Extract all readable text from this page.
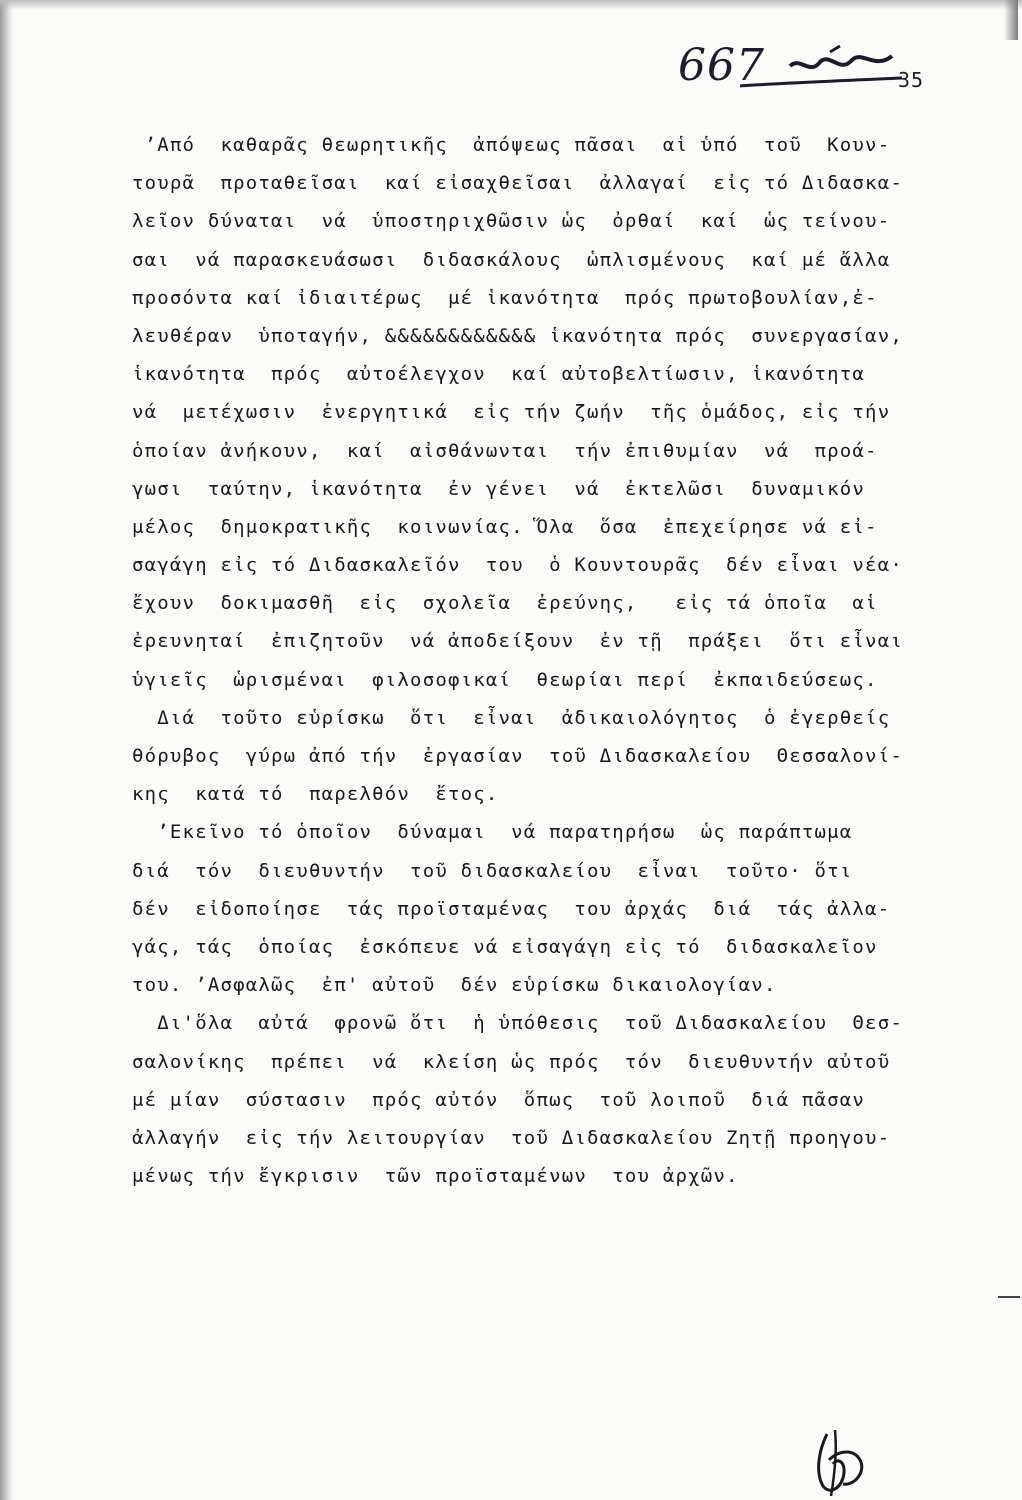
667	35
ʼΑπό  καθαρᾶς θεωρητικῆς  ἀπόψεως πᾶσαι  αἱ ὑπό  τοῦ  Κουν-
τουρᾶ  προταθεῖσαι  καί εἰσαχθεῖσαι  ἀλλαγαί  εἰς τό Διδασκα-
λεῖον δύναται  νά  ὑποστηριχθῶσιν ὡς  ὀρθαί  καί  ὡς τείνου-
σαι  νά παρασκευάσωσι  διδασκάλους  ὡπλισμένους  καί μέ ἄλλα
προσόντα καί ἰδιαιτέρως  μέ ἱκανότητα  πρός πρωτοβουλίαν,ἐ-
λευθέραν  ὑποταγήν, &&&&&&&&&&&& ἱκανότητα πρός  συνεργασίαν,
ἱκανότητα  πρός  αὐτοέλεγχον  καί αὐτοβελτίωσιν, ἱκανότητα
νά  μετέχωσιν  ἐνεργητικά  εἰς τήν ζωήν  τῆς ὁμάδος, εἰς τήν
ὁποίαν ἀνήκουν,  καί  αἰσθάνωνται  τήν ἐπιθυμίαν  νά  προά-
γωσι  ταύτην, ἱκανότητα  ἐν γένει  νά  ἐκτελῶσι  δυναμικόν
μέλος  δημοκρατικῆς  κοινωνίας. Ὅλα  ὅσα  ἐπεχείρησε νά εἰ-
σαγάγη εἰς τό Διδασκαλεῖόν  του  ὁ Κουντουρᾶς  δέν εἶναι νέα·
ἔχουν  δοκιμασθῆ  εἰς  σχολεῖα  ἐρεύνης,   εἰς τά ὁποῖα  αἱ
ἐρευνηταί  ἐπιζητοῦν  νά ἀποδείξουν  ἐν τῇ  πράξει  ὅτι εἶναι
ὑγιεῖς  ὡρισμέναι  φιλοσοφικαί  θεωρίαι περί  ἐκπαιδεύσεως.
Διά  τοῦτο εὑρίσκω  ὅτι  εἶναι  ἀδικαιολόγητος  ὁ ἐγερθείς
θόρυβος  γύρω ἀπό τήν  ἐργασίαν  τοῦ Διδασκαλείου  Θεσσαλονί-
κης  κατά τό  παρελθόν  ἔτος.
ʼΕκεῖνο τό ὁποῖον  δύναμαι  νά παρατηρήσω  ὡς παράπτωμα
διά  τόν  διευθυντήν  τοῦ διδασκαλείου  εἶναι  τοῦτο· ὅτι
δέν  εἰδοποίησε  τάς προϊσταμένας  του ἀρχάς  διά  τάς ἀλλα-
γάς, τάς  ὁποίας  ἐσκόπευε νά εἰσαγάγη εἰς τό  διδασκαλεῖον
του. ʼΑσφαλῶς  ἐπ' αὐτοῦ  δέν εὑρίσκω δικαιολογίαν.
Δι'ὅλα  αὐτά  φρονῶ ὅτι  ἡ ὑπόθεσις  τοῦ Διδασκαλείου  Θεσ-
σαλονίκης  πρέπει  νά  κλείση ὡς πρός  τόν  διευθυντήν αὐτοῦ
μέ μίαν  σύστασιν  πρός αὐτόν  ὅπως  τοῦ λοιποῦ  διά πᾶσαν
ἀλλαγήν  εἰς τήν λειτουργίαν  τοῦ Διδασκαλείου Ζητῇ προηγου-
μένως τήν ἔγκρισιν  τῶν προϊσταμένων  του ἀρχῶν.
